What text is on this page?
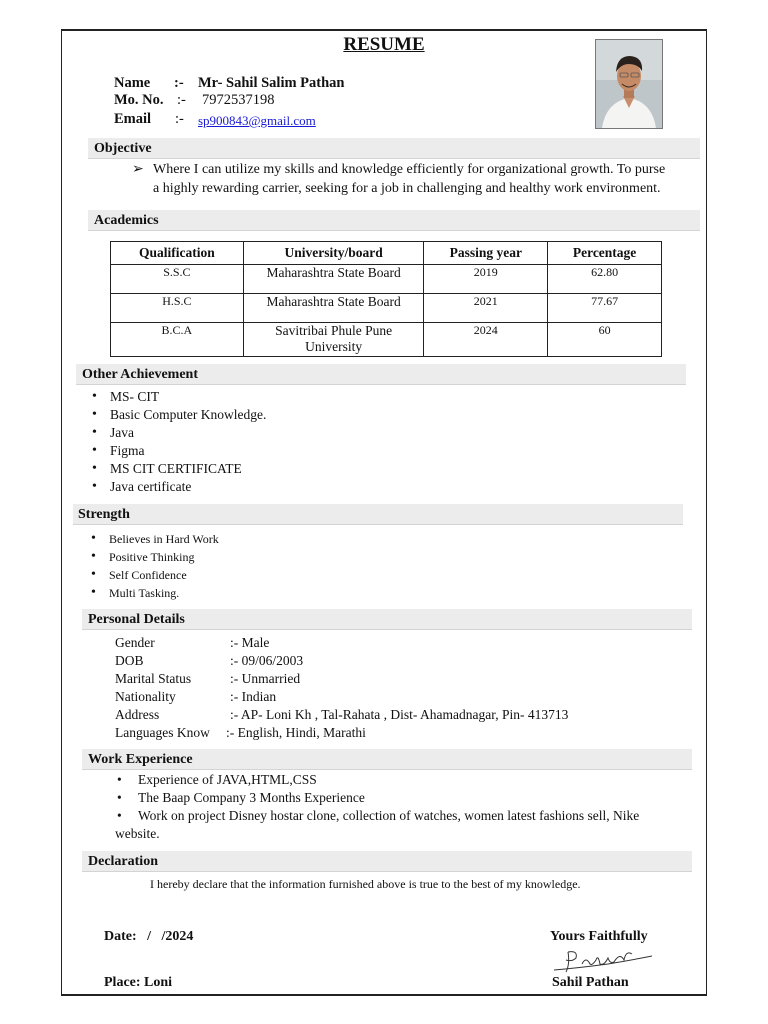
RESUME
Name :- Mr- Sahil Salim Pathan
Mo. No. :- 7972537198
Email :- sp900843@gmail.com
Objective
➢ Where I can utilize my skills and knowledge efficiently for organizational growth. To purse
a highly rewarding carrier, seeking for a job in challenging and healthy work environment.
Academics
Qualification	University/board	Passing year	Percentage
S.S.C	Maharashtra State Board	2019	62.80
H.S.C	Maharashtra State Board	2021	77.67
B.C.A	Savitribai Phule Pune University	2024	60
Other Achievement
• MS- CIT
• Basic Computer Knowledge.
• Java
• Figma
• MS CIT CERTIFICATE
• Java certificate
Strength
• Believes in Hard Work
• Positive Thinking
• Self Confidence
• Multi Tasking.
Personal Details
Gender	:- Male
DOB	:- 09/06/2003
Marital Status	:- Unmarried
Nationality	:- Indian
Address	:- AP- Loni Kh , Tal-Rahata , Dist- Ahamadnagar, Pin- 413713
Languages Know :- English, Hindi, Marathi
Work Experience
• Experience of JAVA,HTML,CSS
• The Baap Company 3 Months Experience
• Work on project Disney hostar clone, collection of watches, women latest fashions sell, Nike
website.
Declaration
I hereby declare that the information furnished above is true to the best of my knowledge.
Date:   /   /2024
Place: Loni
Yours Faithfully
Sahil Pathan
